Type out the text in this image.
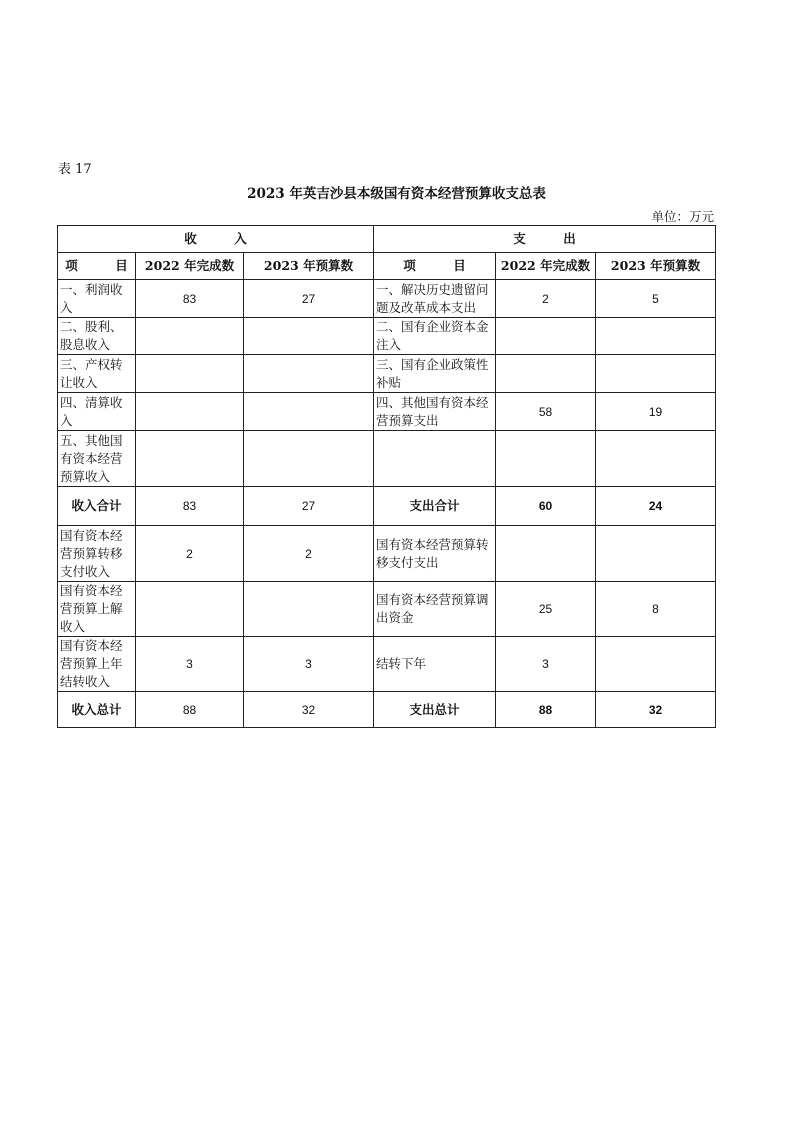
表 17
2023 年英吉沙县本级国有资本经营预算收支总表
单位：万元
收　　　入			支　　　出		
项　　　目	2022 年完成数	2023 年预算数	项　　　目	2022 年完成数	2023 年预算数
一、利润收入	83	27	一、解决历史遗留问题及改革成本支出	2	5
二、股利、股息收入			二、国有企业资本金注入		
三、产权转让收入			三、国有企业政策性补贴		
四、清算收入			四、其他国有资本经营预算支出	58	19
五、其他国有资本经营预算收入					
收入合计	83	27	支出合计	60	24
国有资本经营预算转移支付收入	2	2	国有资本经营预算转移支付支出		
国有资本经营预算上解收入			国有资本经营预算调出资金	25	8
国有资本经营预算上年结转收入	3	3	结转下年	3	
收入总计	88	32	支出总计	88	32
